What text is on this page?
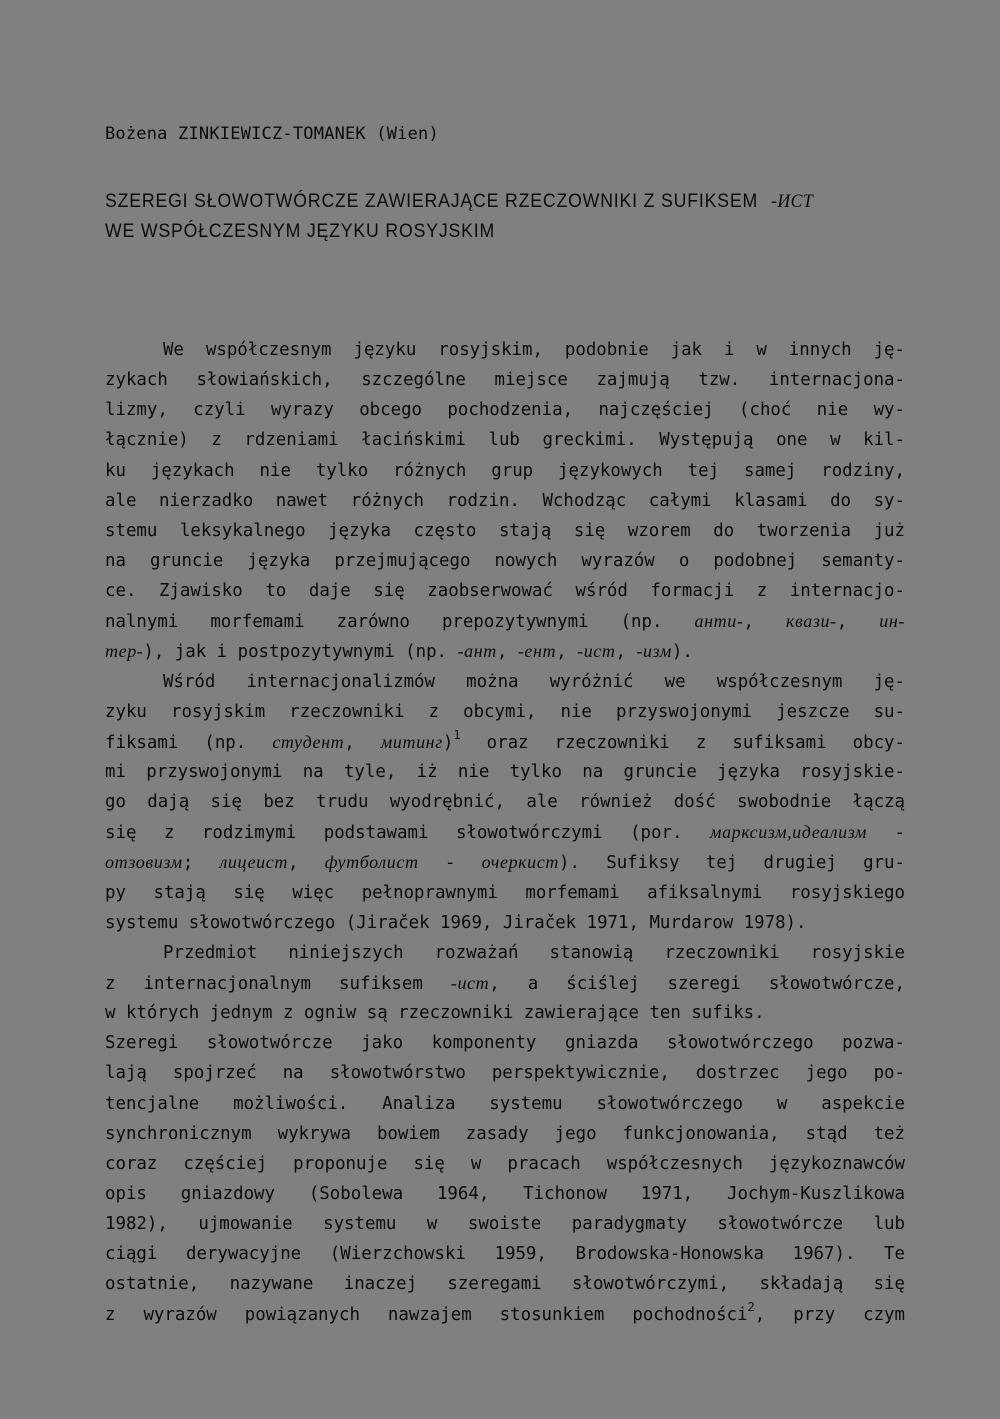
Bożena ZINKIEWICZ-TOMANEK (Wien)
SZEREGI SŁOWOTWÓRCZE ZAWIERAJĄCE RZECZOWNIKI Z SUFIKSEM -ИСТ
WE WSPÓŁCZESNYM JĘZYKU ROSYJSKIM
We współczesnym języku rosyjskim, podobnie jak i w innych ję-
zykach słowiańskich, szczególne miejsce zajmują tzw. internacjona-
lizmy, czyli wyrazy obcego pochodzenia, najczęściej (choć nie wy-
łącznie) z rdzeniami łacińskimi lub greckimi. Występują one w kil-
ku językach nie tylko różnych grup językowych tej samej rodziny,
ale nierzadko nawet różnych rodzin. Wchodząc całymi klasami do sy-
stemu leksykalnego języka często stają się wzorem do tworzenia już
na gruncie języka przejmującego nowych wyrazów o podobnej semanty-
ce. Zjawisko to daje się zaobserwować wśród formacji z internacjo-
nalnymi morfemami zarówno prepozytywnymi (np. анти-, квази-, ин-
тер-), jak i postpozytywnymi (np. -ант, -ент, -ист, -изм).
Wśród internacjonalizmów można wyróżnić we współczesnym ję-
zyku rosyjskim rzeczowniki z obcymi, nie przyswojonymi jeszcze su-
fiksami (np. студент, митинг)$^1$ oraz rzeczowniki z sufiksami obcy-
mi przyswojonymi na tyle, iż nie tylko na gruncie języka rosyjskie-
go dają się bez trudu wyodrębnić, ale również dość swobodnie łączą
się z rodzimymi podstawami słowotwórczymi (por. марксизм,идеализм -
отзовизм; лицеист, футболист - очеркист). Sufiksy tej drugiej gru-
py stają się więc pełnoprawnymi morfemami afiksalnymi rosyjskiego
systemu słowotwórczego (Jiraček 1969, Jiraček 1971, Murdarow 1978).
Przedmiot niniejszych rozważań stanowią rzeczowniki rosyjskie
z internacjonalnym sufiksem -ист, a ściślej szeregi słowotwórcze,
w których jednym z ogniw są rzeczowniki zawierające ten sufiks.
Szeregi słowotwórcze jako komponenty gniazda słowotwórczego pozwa-
lają spojrzeć na słowotwórstwo perspektywicznie, dostrzec jego po-
tencjalne możliwości. Analiza systemu słowotwórczego w aspekcie
synchronicznym wykrywa bowiem zasady jego funkcjonowania, stąd też
coraz częściej proponuje się w pracach współczesnych językoznawców
opis gniazdowy (Sobolewa 1964, Tichonow 1971, Jochym-Kuszlikowa
1982), ujmowanie systemu w swoiste paradygmaty słowotwórcze lub
ciągi derywacyjne (Wierzchowski 1959, Brodowska-Honowska 1967). Te
ostatnie, nazywane inaczej szeregami słowotwórczymi, składają się
z wyrazów powiązanych nawzajem stosunkiem pochodności$^2$, przy czym
